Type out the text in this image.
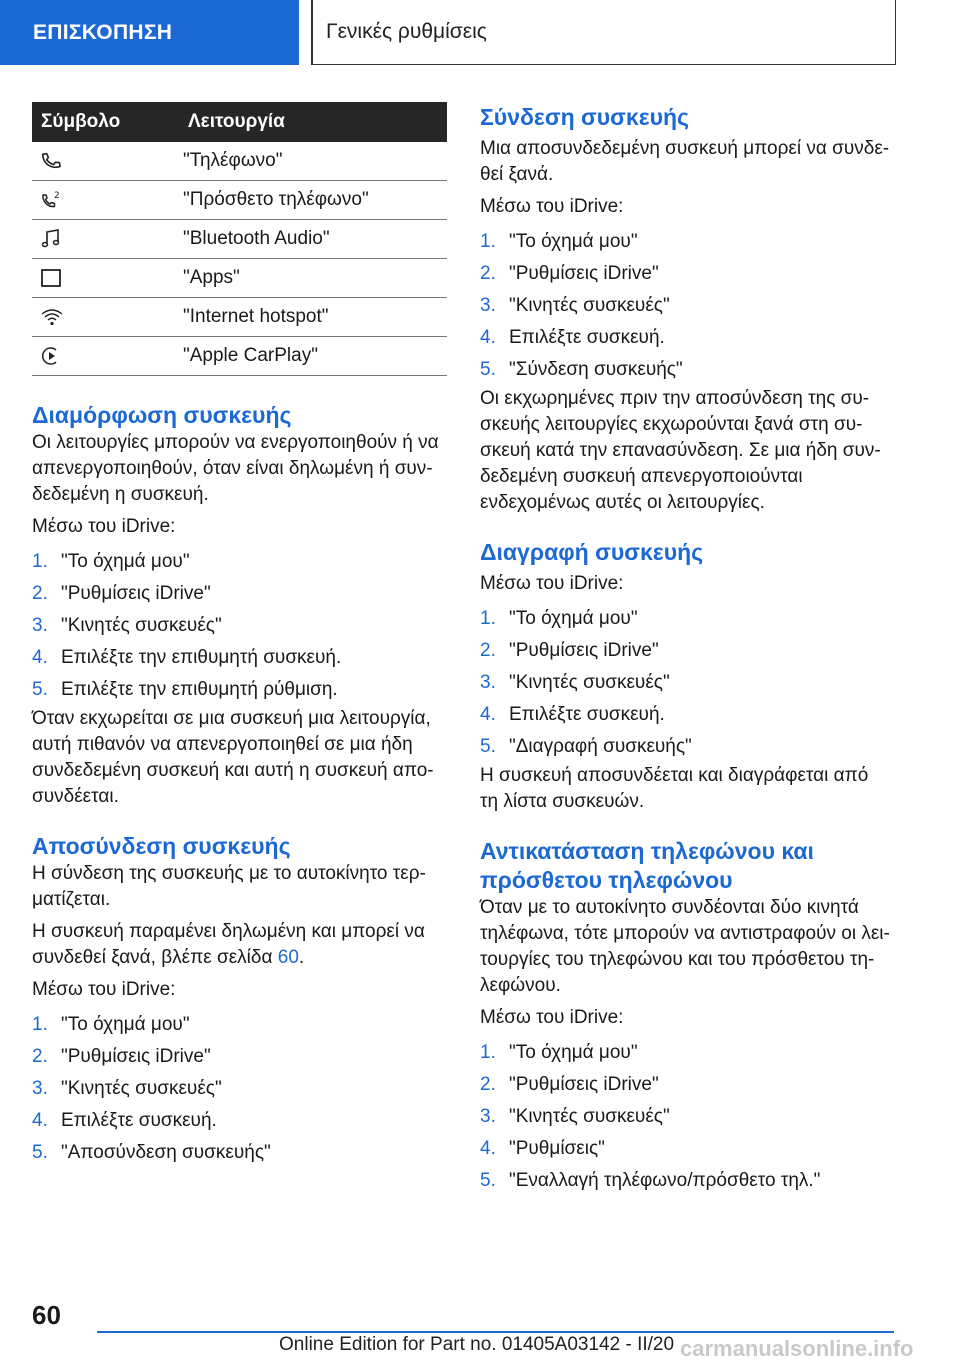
ΕΠΙΣΚΟΠΗΣΗ	Γενικές ρυθμίσεις
Σύμβολο	Λειτουργία

	"Τηλέφωνο"

2	"Πρόσθετο τηλέφωνο"

	"Bluetooth Audio"

	"Apps"

	"Internet hotspot"

	"Apple CarPlay"
Διαμόρφωση συσκευής

Οι λειτουργίες μπορούν να ενεργοποιηθούν ή να
απενεργοποιηθούν, όταν είναι δηλωμένη ή συν-
δεδεμένη η συσκευή.

Μέσω του iDrive:

1. "Το όχημά μου"
2. "Ρυθμίσεις iDrive"
3. "Κινητές συσκευές"
4. Επιλέξτε την επιθυμητή συσκευή.
5. Επιλέξτε την επιθυμητή ρύθμιση.

Όταν εκχωρείται σε μια συσκευή μια λειτουργία,
αυτή πιθανόν να απενεργοποιηθεί σε μια ήδη
συνδεδεμένη συσκευή και αυτή η συσκευή απο-
συνδέεται.

Αποσύνδεση συσκευής

Η σύνδεση της συσκευής με το αυτοκίνητο τερ-
ματίζεται.

Η συσκευή παραμένει δηλωμένη και μπορεί να
συνδεθεί ξανά, βλέπε σελίδα 60.

Μέσω του iDrive:

1. "Το όχημά μου"
2. "Ρυθμίσεις iDrive"
3. "Κινητές συσκευές"
4. Επιλέξτε συσκευή.
5. "Αποσύνδεση συσκευής"
Σύνδεση συσκευής

Μια αποσυνδεδεμένη συσκευή μπορεί να συνδε-
θεί ξανά.

Μέσω του iDrive:

1. "Το όχημά μου"
2. "Ρυθμίσεις iDrive"
3. "Κινητές συσκευές"
4. Επιλέξτε συσκευή.
5. "Σύνδεση συσκευής"

Οι εκχωρημένες πριν την αποσύνδεση της συ-
σκευής λειτουργίες εκχωρούνται ξανά στη συ-
σκευή κατά την επανασύνδεση. Σε μια ήδη συν-
δεδεμένη συσκευή απενεργοποιούνται
ενδεχομένως αυτές οι λειτουργίες.

Διαγραφή συσκευής

Μέσω του iDrive:

1. "Το όχημά μου"
2. "Ρυθμίσεις iDrive"
3. "Κινητές συσκευές"
4. Επιλέξτε συσκευή.
5. "Διαγραφή συσκευής"

Η συσκευή αποσυνδέεται και διαγράφεται από
τη λίστα συσκευών.

Αντικατάσταση τηλεφώνου και
πρόσθετου τηλεφώνου

Όταν με το αυτοκίνητο συνδέονται δύο κινητά
τηλέφωνα, τότε μπορούν να αντιστραφούν οι λει-
τουργίες του τηλεφώνου και του πρόσθετου τη-
λεφώνου.

Μέσω του iDrive:

1. "Το όχημά μου"
2. "Ρυθμίσεις iDrive"
3. "Κινητές συσκευές"
4. "Ρυθμίσεις"
5. "Εναλλαγή τηλέφωνο/πρόσθετο τηλ."
60
Online Edition for Part no. 01405A03142 - II/20 carmanualsonline.info
